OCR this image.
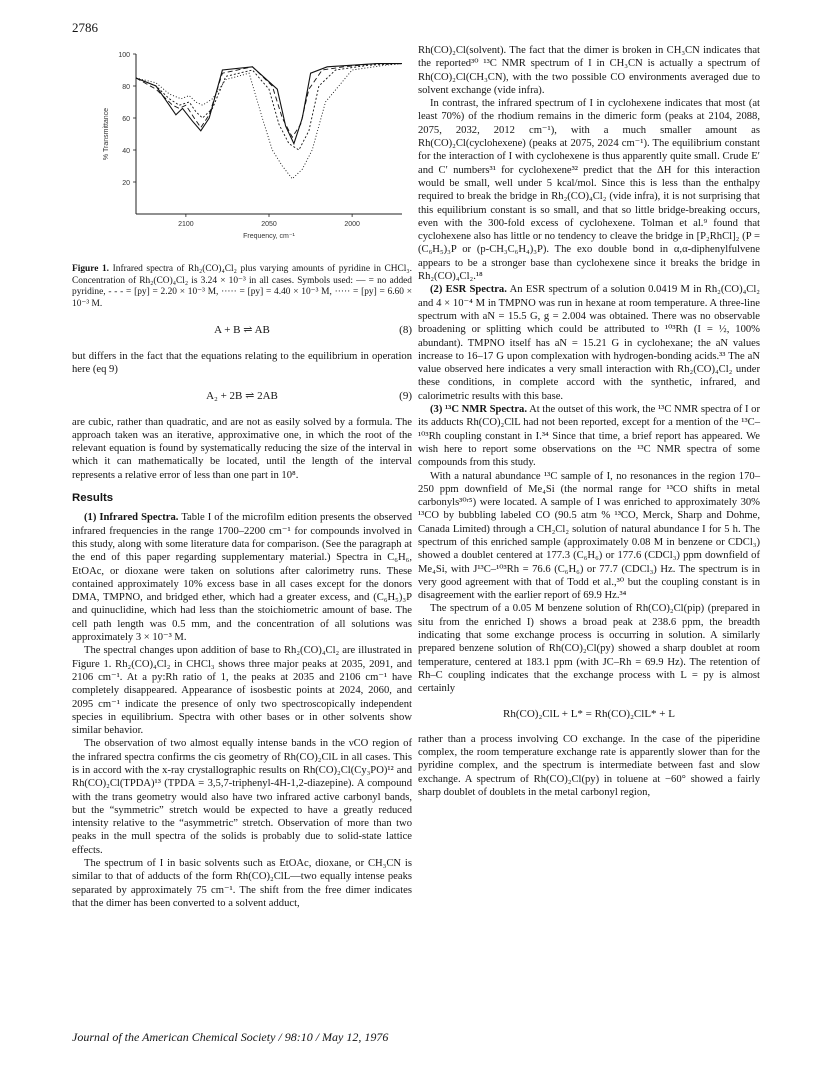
2786
100
80
60
40
20
2100	2050	2000
% Transmittance
Frequency, cm⁻¹
Figure 1. Infrared spectra of Rh₂(CO)₄Cl₂ plus varying amounts of pyridine in CHCl₃. Concentration of Rh₂(CO)₄Cl₂ is 3.24 × 10⁻³ in all cases. Symbols used: — = no added pyridine, - - - = [py] = 2.20 × 10⁻³ M, ····· = [py] = 4.40 × 10⁻³ M, ····· = [py] = 6.60 × 10⁻³ M.
A + B ⇌ AB	(8)

but differs in the fact that the equations relating to the equilibrium in operation here (eq 9)

A₂ + 2B ⇌ 2AB	(9)

are cubic, rather than quadratic, and are not as easily solved by a formula. The approach taken was an iterative, approximative one, in which the root of the relevant equation is found by systematically reducing the size of the interval in which it can mathematically be located, until the length of the interval represents a relative error of less than one part in 10⁸.

Results

(1) Infrared Spectra. Table I of the microfilm edition presents the observed infrared frequencies in the range 1700–2200 cm⁻¹ for compounds involved in this study, along with some literature data for comparison. (See the paragraph at the end of this paper regarding supplementary material.) Spectra in C₆H₆, EtOAc, or dioxane were taken on solutions after calorimetry runs. These contained approximately 10% excess base in all cases except for the donors DMA, TMPNO, and bridged ether, which had a greater excess, and (C₆H₅)₃P and quinuclidine, which had less than the stoichiometric amount of base. The cell path length was 0.5 mm, and the concentration of all solutions was approximately 3 × 10⁻³ M.

The spectral changes upon addition of base to Rh₂(CO)₄Cl₂ are illustrated in Figure 1. Rh₂(CO)₄Cl₂ in CHCl₃ shows three major peaks at 2035, 2091, and 2106 cm⁻¹. At a py:Rh ratio of 1, the peaks at 2035 and 2106 cm⁻¹ have completely disappeared. Appearance of isosbestic points at 2024, 2060, and 2095 cm⁻¹ indicate the presence of only two spectroscopically independent species in equilibrium. Spectra with other bases or in other solvents show similar behavior.

The observation of two almost equally intense bands in the νCO region of the infrared spectra confirms the cis geometry of Rh(CO)₂ClL in all cases. This is in accord with the x-ray crystallographic results on Rh(CO)₂Cl(Cy₃PO)¹² and Rh(CO)₂Cl(TPDA)¹³ (TPDA = 3,5,7-triphenyl-4H-1,2-diazepine). A compound with the trans geometry would also have two infrared active carbonyl bands, but the “symmetric” stretch would be expected to have a greatly reduced intensity relative to the “asymmetric” stretch. Observation of more than two peaks in the mull spectra of the solids is probably due to solid-state lattice effects.

The spectrum of I in basic solvents such as EtOAc, dioxane, or CH₃CN is similar to that of adducts of the form Rh(CO)₂ClL—two equally intense peaks separated by approximately 75 cm⁻¹. The shift from the free dimer indicates that the dimer has been converted to a solvent adduct,

Rh(CO)₂Cl(solvent). The fact that the dimer is broken in CH₃CN indicates that the reported³⁰ ¹³C NMR spectrum of I in CH₃CN is actually a spectrum of Rh(CO)₂Cl(CH₃CN), with the two possible CO environments averaged due to solvent exchange (vide infra).

In contrast, the infrared spectrum of I in cyclohexene indicates that most (at least 70%) of the rhodium remains in the dimeric form (peaks at 2104, 2088, 2075, 2032, 2012 cm⁻¹), with a much smaller amount as Rh(CO)₂Cl(cyclohexene) (peaks at 2075, 2024 cm⁻¹). The equilibrium constant for the interaction of I with cyclohexene is thus apparently quite small. Crude E′ and C′ numbers³¹ for cyclohexene³² predict that the ΔH for this interaction would be small, well under 5 kcal/mol. Since this is less than the enthalpy required to break the bridge in Rh₂(CO)₄Cl₂ (vide infra), it is not surprising that this equilibrium constant is so small, and that so little bridge-breaking occurs, even with the 300-fold excess of cyclohexene. Tolman et al.⁹ found that cyclohexene also has little or no tendency to cleave the bridge in [P₂RhCl]₂ (P = (C₆H₅)₃P or (p-CH₃C₆H₄)₃P). The exo double bond in α,α-diphenylfulvene appears to be a stronger base than cyclohexene since it breaks the bridge in Rh₂(CO)₄Cl₂.¹⁸

(2) ESR Spectra. An ESR spectrum of a solution 0.0419 M in Rh₂(CO)₄Cl₂ and 4 × 10⁻⁴ M in TMPNO was run in hexane at room temperature. A three-line spectrum with aN = 15.5 G, g = 2.004 was obtained. There was no observable broadening or splitting which could be attributed to ¹⁰³Rh (I = ½, 100% abundant). TMPNO itself has aN = 15.21 G in cyclohexane; the aN values increase to 16–17 G upon complexation with hydrogen-bonding acids.³³ The aN value observed here indicates a very small interaction with Rh₂(CO)₄Cl₂ under these conditions, in complete accord with the synthetic, infrared, and calorimetric results with this base.

(3) ¹³C NMR Spectra. At the outset of this work, the ¹³C NMR spectra of I or its adducts Rh(CO)₂ClL had not been reported, except for a mention of the ¹³C–¹⁰³Rh coupling constant in I.³⁴ Since that time, a brief report has appeared. We wish here to report some observations on the ¹³C NMR spectra of some compounds from this study.

With a natural abundance ¹³C sample of I, no resonances in the region 170–250 ppm downfield of Me₄Si (the normal range for ¹³CO shifts in metal carbonyls³⁰ʳ⁵) were located. A sample of I was enriched to approximately 30% ¹³CO by bubbling labeled CO (90.5 atm % ¹³CO, Merck, Sharp and Dohme, Canada Limited) through a CH₂Cl₂ solution of natural abundance I for 5 h. The spectrum of this enriched sample (approximately 0.08 M in benzene or CDCl₃) showed a doublet centered at 177.3 (C₆H₆) or 177.6 (CDCl₃) ppm downfield of Me₄Si, with J¹³C–¹⁰³Rh = 76.6 (C₆H₆) or 77.7 (CDCl₃) Hz. The spectrum is in very good agreement with that of Todd et al.,³⁰ but the coupling constant is in disagreement with the earlier report of 69.9 Hz.³⁴

The spectrum of a 0.05 M benzene solution of Rh(CO)₂Cl(pip) (prepared in situ from the enriched I) shows a broad peak at 238.6 ppm, the breadth indicating that some exchange process is occurring in solution. A similarly prepared benzene solution of Rh(CO)₂Cl(py) showed a sharp doublet at room temperature, centered at 183.1 ppm (with JC–Rh = 69.9 Hz). The retention of Rh–C coupling indicates that the exchange process with L = py is almost certainly

Rh(CO)₂ClL + L* = Rh(CO)₂ClL* + L

rather than a process involving CO exchange. In the case of the piperidine complex, the room temperature exchange rate is apparently slower than for the pyridine complex, and the spectrum is intermediate between fast and slow exchange. A spectrum of Rh(CO)₂Cl(py) in toluene at −60° showed a fairly sharp doublet of doublets in the metal carbonyl region,

Journal of the American Chemical Society / 98:10 / May 12, 1976
